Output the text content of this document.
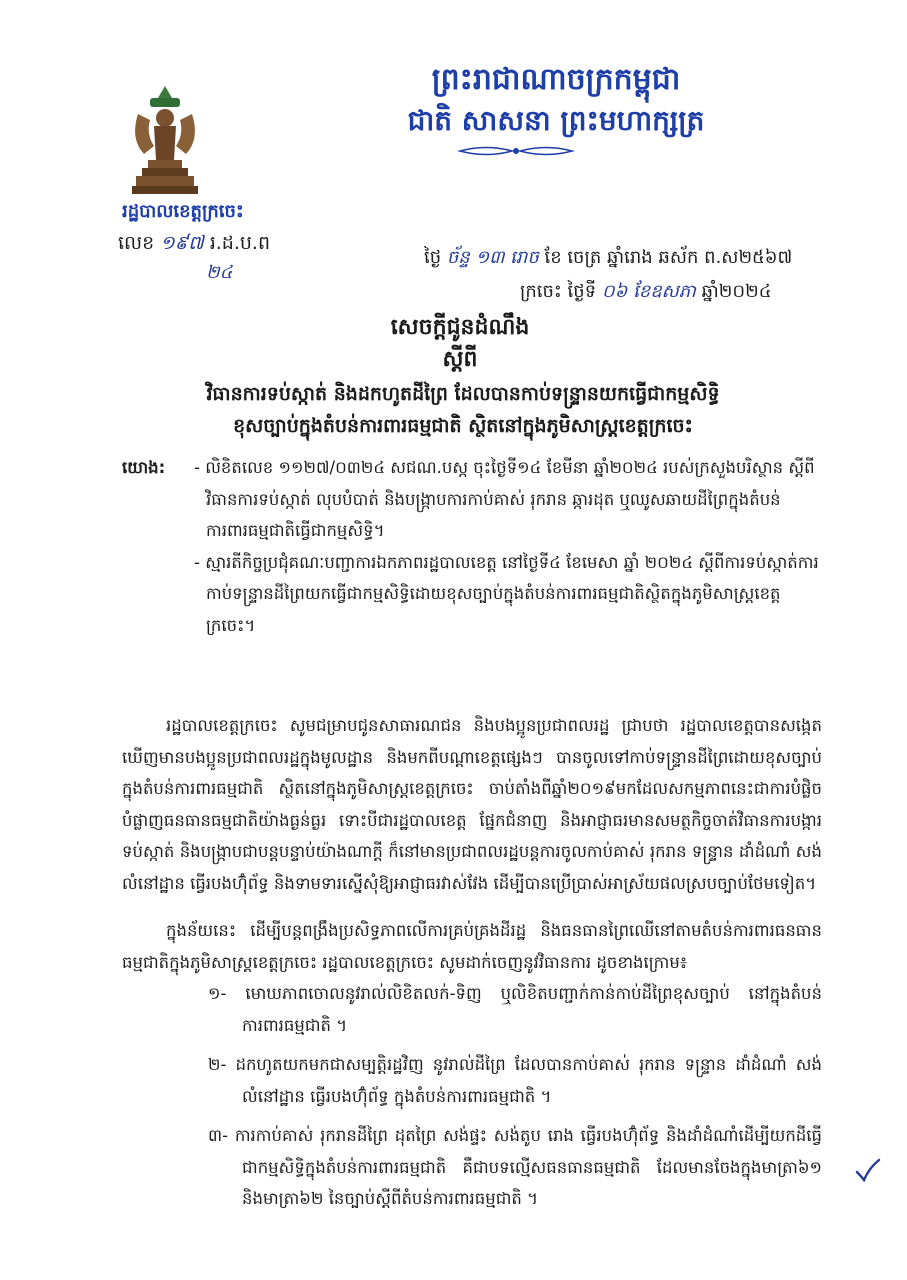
ព្រះរាជាណាចក្រកម្ពុជា
ជាតិ សាសនា ព្រះមហាក្សត្រ
រដ្ឋបាលខេត្តក្រចេះ
លេខ ១៩៧ រ.ដ.ប.ព
២៤
ថ្ងៃ ច័ន្ទ ១៣ រោច ខែ ចេត្រ ឆ្នាំរោង ឆស័ក ព.ស២៥៦៧
ក្រចេះ ថ្ងៃទី ០៦ ខែឧសភា ឆ្នាំ២០២៤
សេចក្ដីជូនដំណឹង
ស្ដីពី
វិធានការទប់ស្កាត់ និងដកហូតដីព្រៃ ដែលបានកាប់ទន្ទ្រានយកធ្វើជាកម្មសិទ្ធិ
ខុសច្បាប់ក្នុងតំបន់ការពារធម្មជាតិ ស្ថិតនៅក្នុងភូមិសាស្ត្រខេត្តក្រចេះ
យោង:	- លិខិតលេខ ១១២៧/០៣២៤ សជណ.បស្ក ចុះថ្ងៃទី១៤ ខែមីនា ឆ្នាំ២០២៤ របស់ក្រសួងបរិស្ថាន ស្ដីពីវិធានការទប់ស្កាត់ លុបបំបាត់ និងបង្រ្កាបការកាប់គាស់ រុករាន ឆ្ការដុត ឬឈូសឆាយដីព្រៃក្នុងតំបន់ការពារធម្មជាតិធ្វើជាកម្មសិទ្ធិ។

- ស្មារតីកិច្ចប្រជុំគណៈបញ្ជាការឯកភាពរដ្ឋបាលខេត្ត នៅថ្ងៃទី៤ ខែមេសា ឆ្នាំ ២០២៤ ស្ដីពីការទប់ស្កាត់ការកាប់ទន្ទ្រានដីព្រៃយកធ្វើជាកម្មសិទ្ធិដោយខុសច្បាប់ក្នុងតំបន់ការពារធម្មជាតិស្ថិតក្នុងភូមិសាស្ត្រខេត្តក្រចេះ។

រដ្ឋបាលខេត្តក្រចេះ សូមជម្រាបជូនសាធារណជន និងបងប្អូនប្រជាពលរដ្ឋ ជ្រាបថា រដ្ឋបាលខេត្តបានសង្កេតឃើញមានបងប្អូនប្រជាពលរដ្ឋក្នុងមូលដ្ឋាន និងមកពីបណ្ដាខេត្តផ្សេងៗ បានចូលទៅកាប់ទន្ទ្រានដីព្រៃដោយខុសច្បាប់ក្នុងតំបន់ការពារធម្មជាតិ ស្ថិតនៅក្នុងភូមិសាស្ត្រខេត្តក្រចេះ ចាប់តាំងពីឆ្នាំ២០១៩មកដែលសកម្មភាពនេះជាការបំផ្លិចបំផ្លាញធនធានធម្មជាតិយ៉ាងធ្ងន់ធ្ងរ ទោះបីជារដ្ឋបាលខេត្ត ផ្នែកជំនាញ និងអាជ្ញាធរមានសមត្ថកិច្ចចាត់វិធានការបង្ការ ទប់ស្កាត់ និងបង្ក្រាបជាបន្តបន្ទាប់យ៉ាងណាក្ដី ក៏នៅមានប្រជាពលរដ្ឋបន្តការចូលកាប់គាស់ រុករាន ទន្ទ្រាន ដាំដំណាំ សង់លំនៅដ្ឋាន ធ្វើរបងហ៊ុំព័ទ្ធ និងទាមទារស្នើសុំឱ្យអាជ្ញាធរវាស់វែង ដើម្បីបានប្រើប្រាស់អាស្រ័យផលស្របច្បាប់ថែមទៀត។

ក្នុងន័យនេះ ដើម្បីបន្តពង្រឹងប្រសិទ្ធភាពលើការគ្រប់គ្រងដីរដ្ឋ និងធនធានព្រៃឈើនៅតាមតំបន់ការពារធនធានធម្មជាតិក្នុងភូមិសាស្ត្រខេត្តក្រចេះ រដ្ឋបាលខេត្តក្រចេះ សូមដាក់ចេញនូវវិធានការ ដូចខាងក្រោម៖

១- មោឃភាពចោលនូវរាល់លិខិតលក់-ទិញ ឬលិខិតបញ្ជាក់កាន់កាប់ដីព្រៃខុសច្បាប់ នៅក្នុងតំបន់ការពារធម្មជាតិ ។

២- ដកហូតយកមកជាសម្បត្តិរដ្ឋវិញ នូវរាល់ដីព្រៃ ដែលបានកាប់គាស់ រុករាន ទន្ទ្រាន ដាំដំណាំ សង់លំនៅដ្ឋាន ធ្វើរបងហ៊ុំព័ទ្ធ ក្នុងតំបន់ការពារធម្មជាតិ ។

៣- ការកាប់គាស់ រុករានដីព្រៃ ដុតព្រៃ សង់ផ្ទះ សង់តូប រោង ធ្វើរបងហ៊ុំព័ទ្ធ និងដាំដំណាំដើម្បីយកដីធ្វើជាកម្មសិទ្ធិក្នុងតំបន់ការពារធម្មជាតិ គឺជាបទល្មើសធនធានធម្មជាតិ ដែលមានចែងក្នុងមាត្រា៦១ និងមាត្រា៦២ នៃច្បាប់ស្ដីពីតំបន់ការពារធម្មជាតិ ។
